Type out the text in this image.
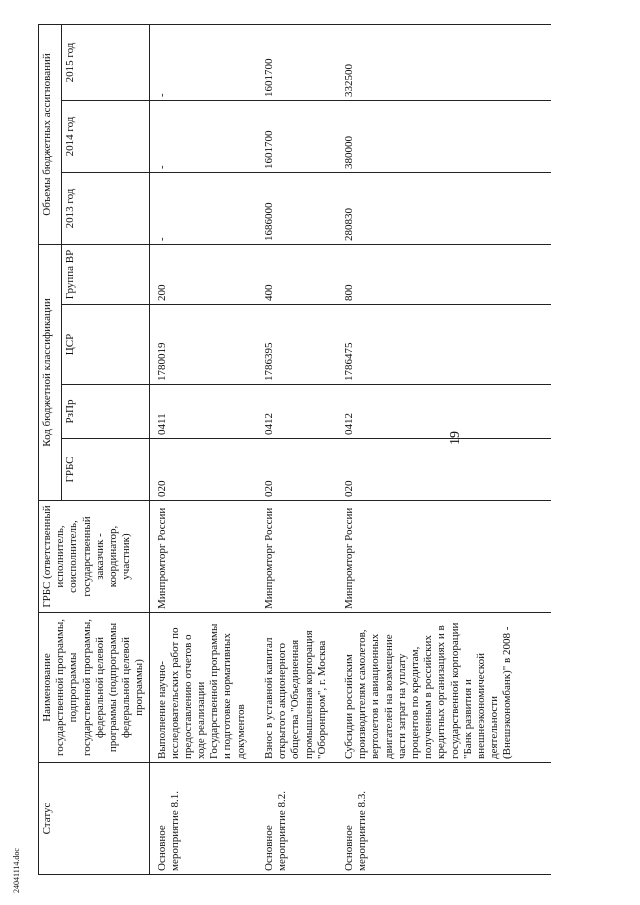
19
24041114.doc
Статус	Наименование государственной программы, подпрограммы государственной программы, федеральной целевой программы (подпрограммы федеральной целевой программы)	ГРБС (ответственный исполнитель, соисполнитель, государственный заказчик - координатор, участник)	Код бюджетной классификации				Объемы бюджетных ассигнований		
			ГРБС	РзПр	ЦСР	Группа ВР	2013 год	2014 год	2015 год
Основное мероприятие 8.1.	Выполнение научно-исследовательских работ по предоставлению отчетов о ходе реализации Государственной программы и подготовке нормативных документов	Минпромторг России	020	0411	1780019	200	-	-	-
Основное мероприятие 8.2.	Взнос в уставной капитал открытого акционерного общества "Объединенная промышленная корпорация "Оборонпром", г. Москва	Минпромторг России	020	0412	1786395	400	1686000	1601700	1601700
Основное мероприятие 8.3.	Субсидии российским производителям самолетов, вертолетов и авиационных двигателей на возмещение части затрат на уплату процентов по кредитам, полученным в российских кредитных организациях и в государственной корпорации "Банк развития и внешнеэкономической деятельности (Внешэкономбанк)" в 2008 -	Минпромторг России	020	0412	1786475	800	280830	380000	332500
